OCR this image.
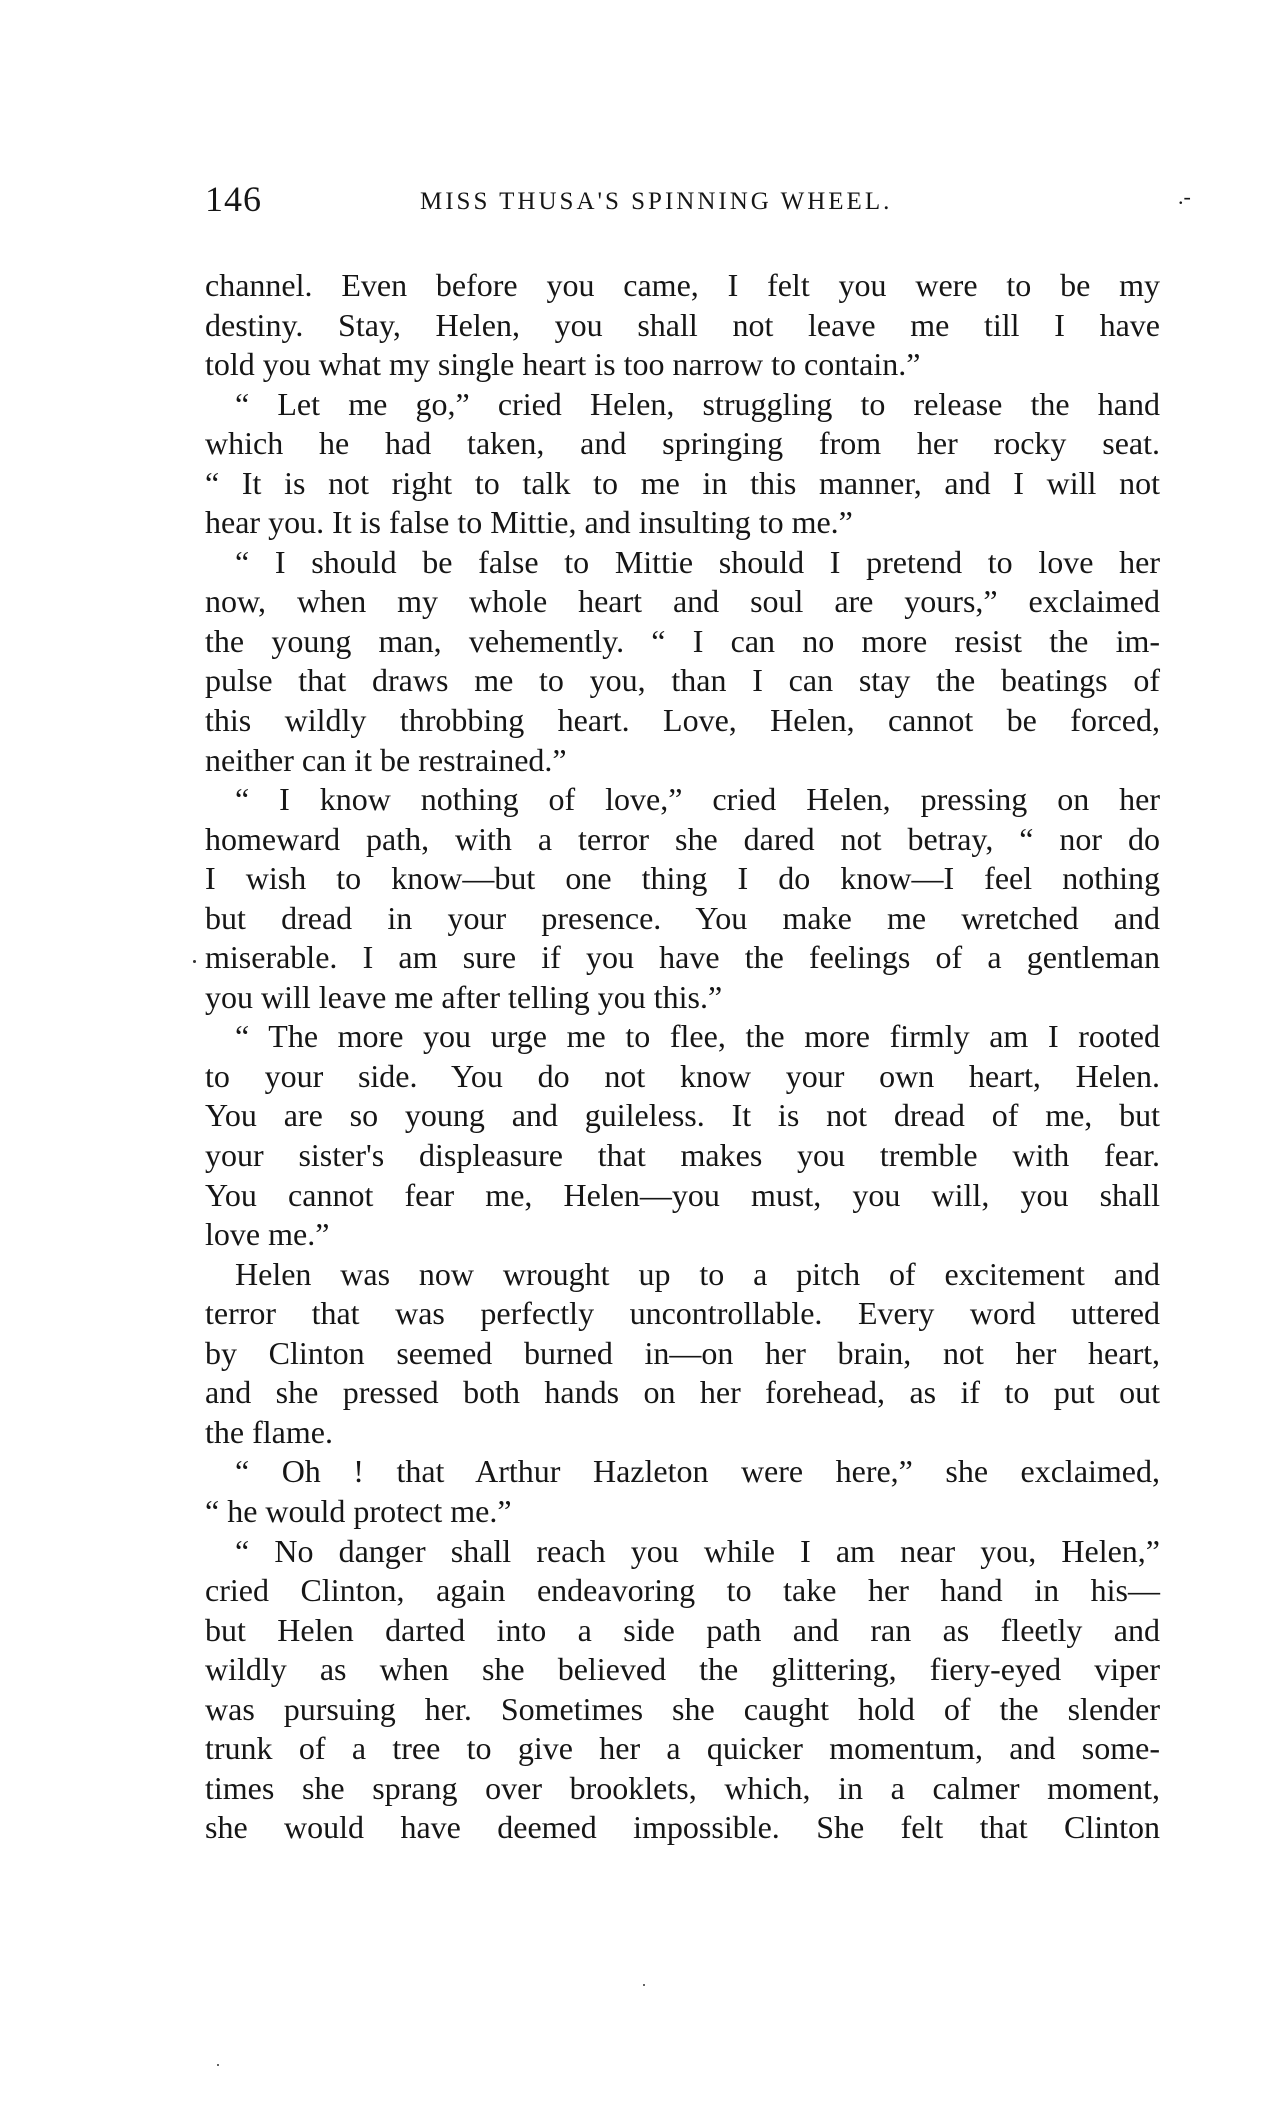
146	MISS THUSA'S SPINNING WHEEL.	.-
channel. Even before you came, I felt you were to be my
destiny. Stay, Helen, you shall not leave me till I have
told you what my single heart is too narrow to contain.”
“ Let me go,” cried Helen, struggling to release the hand
which he had taken, and springing from her rocky seat.
“ It is not right to talk to me in this manner, and I will not
hear you. It is false to Mittie, and insulting to me.”
“ I should be false to Mittie should I pretend to love her
now, when my whole heart and soul are yours,” exclaimed
the young man, vehemently. “ I can no more resist the im-
pulse that draws me to you, than I can stay the beatings of
this wildly throbbing heart. Love, Helen, cannot be forced,
neither can it be restrained.”
“ I know nothing of love,” cried Helen, pressing on her
homeward path, with a terror she dared not betray, “ nor do
I wish to know—but one thing I do know—I feel nothing
but dread in your presence. You make me wretched and
miserable. I am sure if you have the feelings of a gentleman
you will leave me after telling you this.”
“ The more you urge me to flee, the more firmly am I rooted
to your side. You do not know your own heart, Helen.
You are so young and guileless. It is not dread of me, but
your sister's displeasure that makes you tremble with fear.
You cannot fear me, Helen—you must, you will, you shall
love me.”
Helen was now wrought up to a pitch of excitement and
terror that was perfectly uncontrollable. Every word uttered
by Clinton seemed burned in—on her brain, not her heart,
and she pressed both hands on her forehead, as if to put out
the flame.
“ Oh ! that Arthur Hazleton were here,” she exclaimed,
“ he would protect me.”
“ No danger shall reach you while I am near you, Helen,”
cried Clinton, again endeavoring to take her hand in his—
but Helen darted into a side path and ran as fleetly and
wildly as when she believed the glittering, fiery-eyed viper
was pursuing her. Sometimes she caught hold of the slender
trunk of a tree to give her a quicker momentum, and some-
times she sprang over brooklets, which, in a calmer moment,
she would have deemed impossible. She felt that Clinton
